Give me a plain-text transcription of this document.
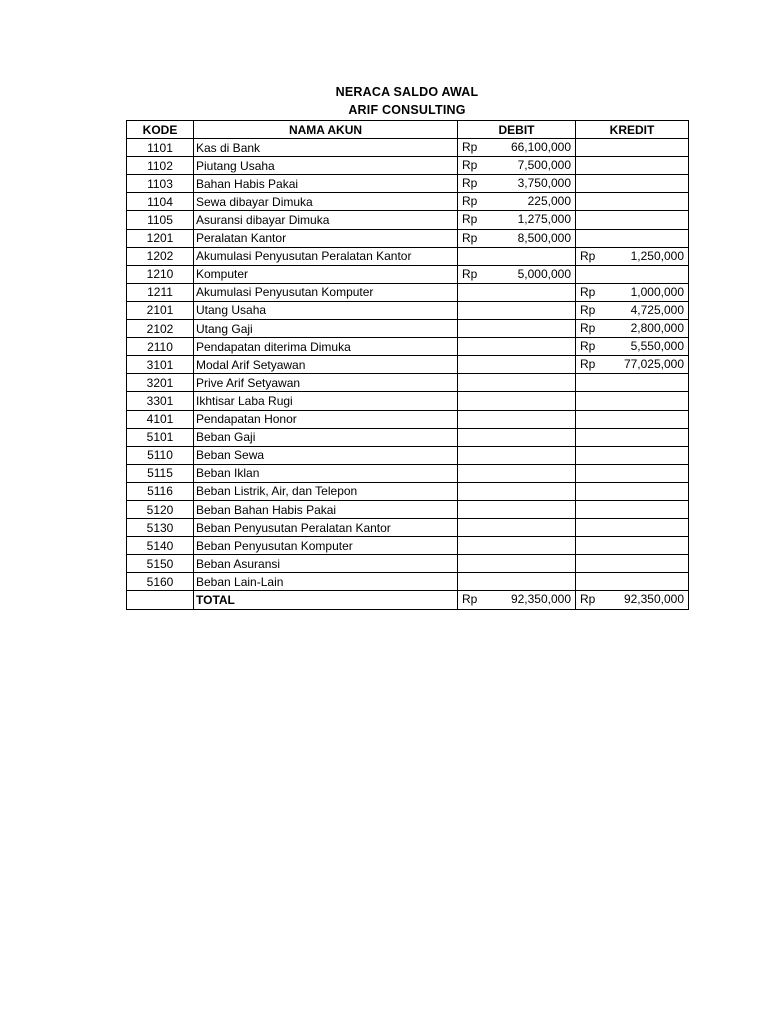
NERACA SALDO AWAL
ARIF CONSULTING
KODE	NAMA AKUN	DEBIT	KREDIT
1101	Kas di Bank	Rp 66,100,000	

1102	Piutang Usaha	Rp 7,500,000	

1103	Bahan Habis Pakai	Rp 3,750,000	

1104	Sewa dibayar Dimuka	Rp 225,000	

1105	Asuransi dibayar Dimuka	Rp 1,275,000	

1201	Peralatan Kantor	Rp 8,500,000	

1202	Akumulasi Penyusutan Peralatan Kantor		Rp 1,250,000

1210	Komputer	Rp 5,000,000	

1211	Akumulasi Penyusutan Komputer		Rp 1,000,000

2101	Utang Usaha		Rp 4,725,000

2102	Utang Gaji		Rp 2,800,000

2110	Pendapatan diterima Dimuka		Rp 5,550,000

3101	Modal Arif Setyawan		Rp 77,025,000

3201	Prive Arif Setyawan	

3301	Ikhtisar Laba Rugi	

4101	Pendapatan Honor	

5101	Beban Gaji	

5110	Beban Sewa	

5115	Beban Iklan	

5116	Beban Listrik, Air, dan Telepon	

5120	Beban Bahan Habis Pakai	

5130	Beban Penyusutan Peralatan Kantor	

5140	Beban Penyusutan Komputer	

5150	Beban Asuransi	

5160	Beban Lain-Lain	

	TOTAL	Rp 92,350,000	Rp 92,350,000
